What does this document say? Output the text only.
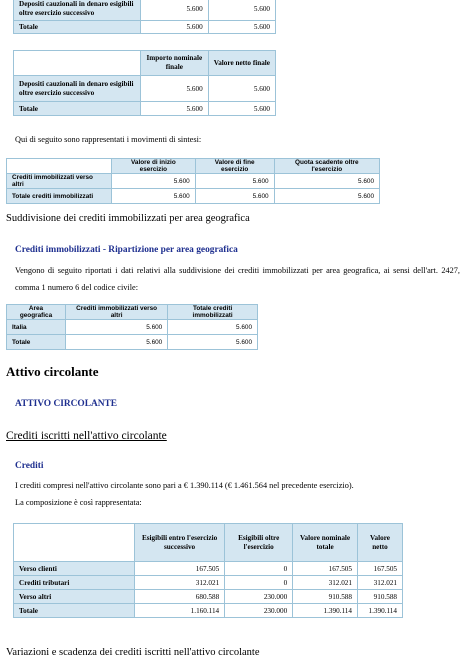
Depositi cauzionali in denaro esigibili oltre esercizio successivo	5.600	5.600
Totale	5.600	5.600
	Importo nominale finale	Valore netto finale
Depositi cauzionali in denaro esigibili oltre esercizio successivo	5.600	5.600
Totale	5.600	5.600
Qui di seguito sono rappresentati i movimenti di sintesi:
	Valore di inizio esercizio	Valore di fine esercizio	Quota scadente oltre l'esercizio
Crediti immobilizzati verso altri	5.600	5.600	5.600
Totale crediti immobilizzati	5.600	5.600	5.600
Suddivisione dei crediti immobilizzati per area geografica
Crediti immobilizzati - Ripartizione per area geografica
Vengono di seguito riportati i dati relativi alla suddivisione dei crediti immobilizzati per area geografica, ai sensi dell'art. 2427, comma 1 numero 6 del codice civile:
Area geografica	Crediti immobilizzati verso altri	Totale crediti immobilizzati
Italia	5.600	5.600
Totale	5.600	5.600
Attivo circolante
ATTIVO CIRCOLANTE
Crediti iscritti nell'attivo circolante
Crediti
I crediti compresi nell'attivo circolante sono pari a € 1.390.114 (€ 1.461.564 nel precedente esercizio).
La composizione è così rappresentata:
	Esigibili entro l'esercizio successivo	Esigibili oltre l'esercizio	Valore nominale totale	Valore netto
Verso clienti	167.505	0	167.505	167.505
Crediti tributari	312.021	0	312.021	312.021
Verso altri	680.588	230.000	910.588	910.588
Totale	1.160.114	230.000	1.390.114	1.390.114
Variazioni e scadenza dei crediti iscritti nell'attivo circolante
